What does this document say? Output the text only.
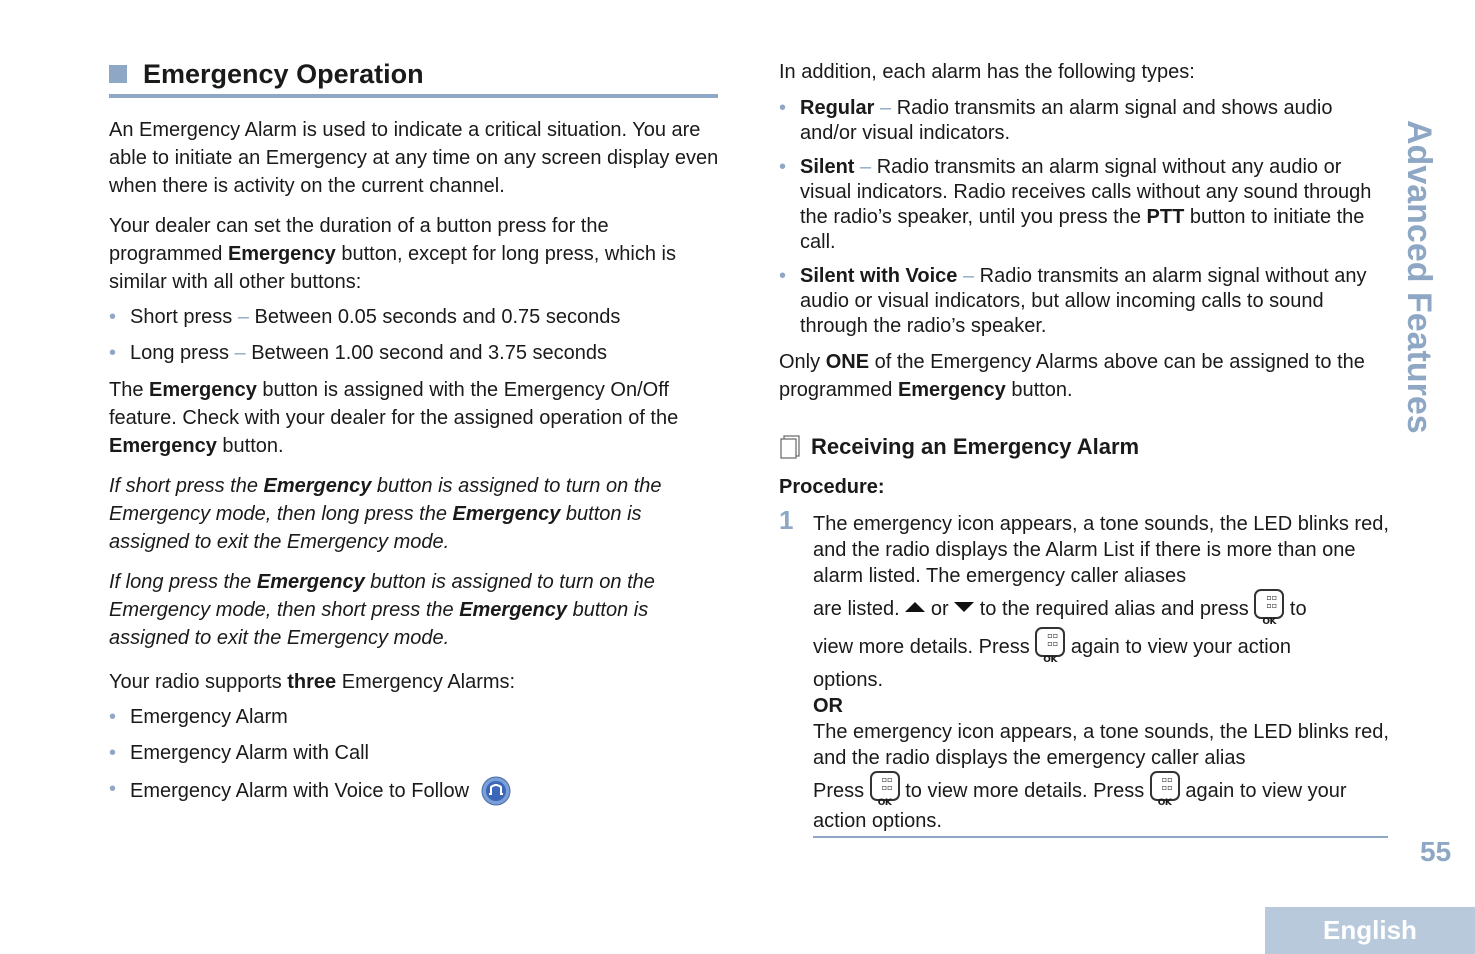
Emergency Operation

An Emergency Alarm is used to indicate a critical situation. You are able to initiate an Emergency at any time on any screen display even when there is activity on the current channel.

Your dealer can set the duration of a button press for the programmed Emergency button, except for long press, which is similar with all other buttons:

• Short press – Between 0.05 seconds and 0.75 seconds
• Long press – Between 1.00 second and 3.75 seconds

The Emergency button is assigned with the Emergency On/Off feature. Check with your dealer for the assigned operation of the Emergency button.

If short press the Emergency button is assigned to turn on the Emergency mode, then long press the Emergency button is assigned to exit the Emergency mode.

If long press the Emergency button is assigned to turn on the Emergency mode, then short press the Emergency button is assigned to exit the Emergency mode.

Your radio supports three Emergency Alarms:

• Emergency Alarm
• Emergency Alarm with Call
• Emergency Alarm with Voice to Follow

In addition, each alarm has the following types:

• Regular – Radio transmits an alarm signal and shows audio and/or visual indicators.
• Silent – Radio transmits an alarm signal without any audio or visual indicators. Radio receives calls without any sound through the radio’s speaker, until you press the PTT button to initiate the call.
• Silent with Voice – Radio transmits an alarm signal without any audio or visual indicators, but allow incoming calls to sound through the radio’s speaker.

Only ONE of the Emergency Alarms above can be assigned to the programmed Emergency button.

Receiving an Emergency Alarm
Procedure:
1 The emergency icon appears, a tone sounds, the LED blinks red, and the radio displays the Alarm List if there is more than one alarm listed. The emergency caller aliases
are listed.  or  to the required alias and press
▫▫
▫▫
OK
to
view more details. Press
▫▫
▫▫
OK
again to view your action
options.
OR
The emergency icon appears, a tone sounds, the LED blinks red, and the radio displays the emergency caller alias
Press
▫▫
▫▫
OK
to view more details. Press
▫▫
▫▫
OK
again to view your
action options.
Advanced Features
55
English
